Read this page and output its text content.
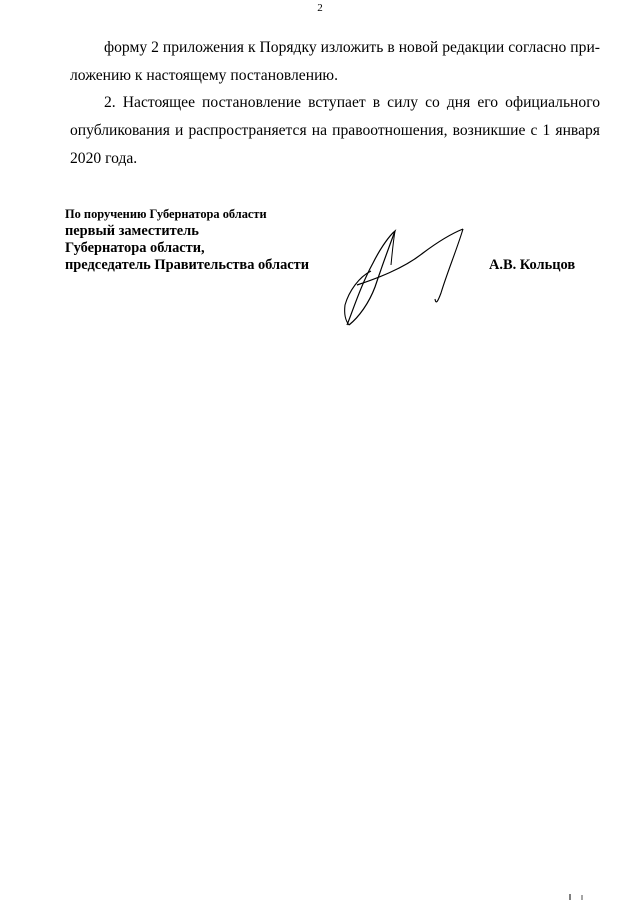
2
форму 2 приложения к Порядку изложить в новой редакции согласно при-
ложению к настоящему постановлению.
2. Настоящее постановление вступает в силу со дня его официального
опубликования и распространяется на правоотношения, возникшие с 1 января
2020 года.
По поручению Губернатора области
первый заместитель
Губернатора области,
председатель Правительства области	А.В. Кольцов
